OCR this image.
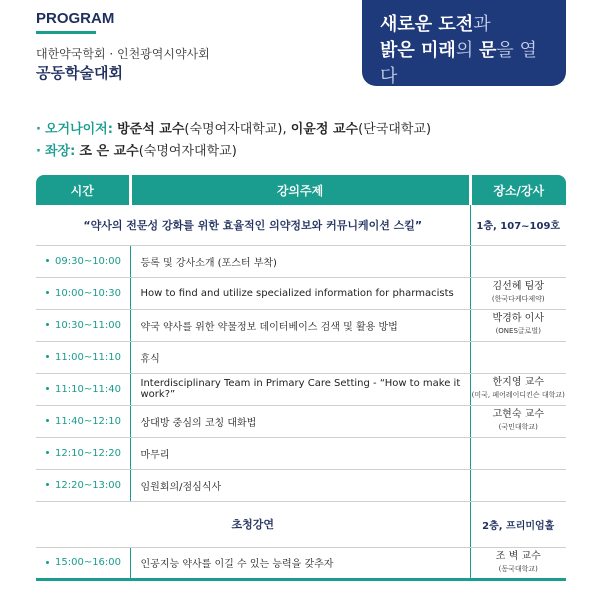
PROGRAM
대한약국학회 · 인천광역시약사회
공동학술대회
새로운 도전과
밝은 미래의 문을 열다
· 오거나이저: 방준석 교수(숙명여자대학교), 이윤정 교수(단국대학교)
· 좌장: 조 은 교수(숙명여자대학교)
시간	강의주제	장소/강사
“약사의 전문성 강화를 위한 효율적인 의약정보와 커뮤니케이션 스킬”		1층, 107~109호
09:30~10:00	등록 및 강사소개 (포스터 부착)	

10:00~10:30	How to find and utilize specialized information for pharmacists	김선혜 팀장
(한국다케다제약)

10:30~11:00	약국 약사를 위한 약물정보 데이터베이스 검색 및 활용 방법	박경하 이사
(ONES글로벌)

11:00~11:10	휴식	

11:10~11:40	Interdisciplinary Team in Primary Care Setting - “How to make it work?”	한지영 교수
(미국, 페어레이디킨슨 대학교)

11:40~12:10	상대방 중심의 코칭 대화법	고현숙 교수
(국민대학교)

12:10~12:20	마무리	

12:20~13:00	임원회의/점심식사	

초청강연		2층, 프리미엄홀
15:00~16:00	인공지능 약사를 이길 수 있는 능력을 갖추자	조 벽 교수
(동국대학교)
